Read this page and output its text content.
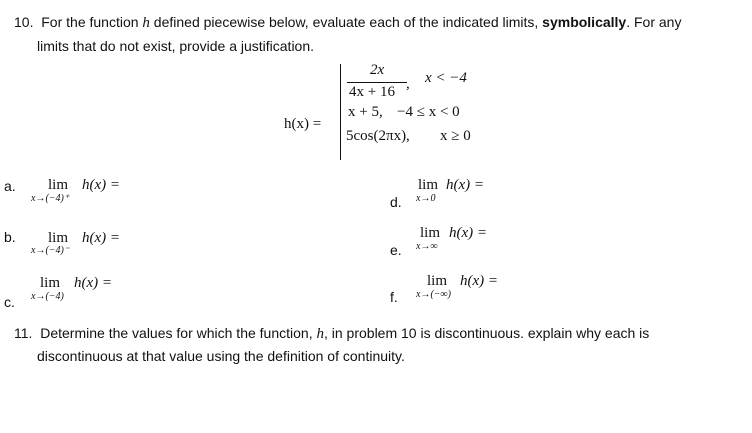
10. For the function h defined piecewise below, evaluate each of the indicated limits, symbolically. For any
limits that do not exist, provide a justification.
h(x) =
2x
4x + 16 , x < −4
x + 5, −4 ≤ x < 0
5cos(2πx), x ≥ 0
a. lim
x→(−4)⁺
h(x) =
b. lim
x→(−4)⁻
h(x) =
c.
lim
x→(−4)
h(x) =
d.
lim
x→0
h(x) =
e.
lim
x→∞
h(x) =
f.
lim
x→(−∞)
h(x) =
11. Determine the values for which the function, h, in problem 10 is discontinuous. explain why each is
discontinuous at that value using the definition of continuity.
